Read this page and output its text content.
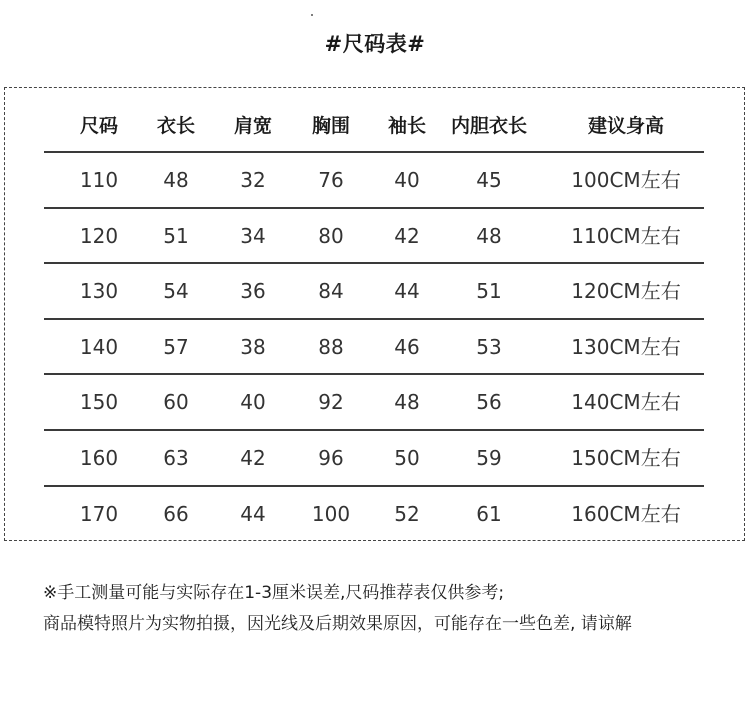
#尺码表#
尺码	衣长	肩宽	胸围	袖长	内胆衣长	建议身高
110	48	32	76	40	45	100CM左右
120	51	34	80	42	48	110CM左右
130	54	36	84	44	51	120CM左右
140	57	38	88	46	53	130CM左右
150	60	40	92	48	56	140CM左右
160	63	42	96	50	59	150CM左右
170	66	44	100	52	61	160CM左右
※手工测量可能与实际存在1-3厘米误差,尺码推荐表仅供参考;
商品模特照片为实物拍摄，因光线及后期效果原因，可能存在一些色差, 请谅解
